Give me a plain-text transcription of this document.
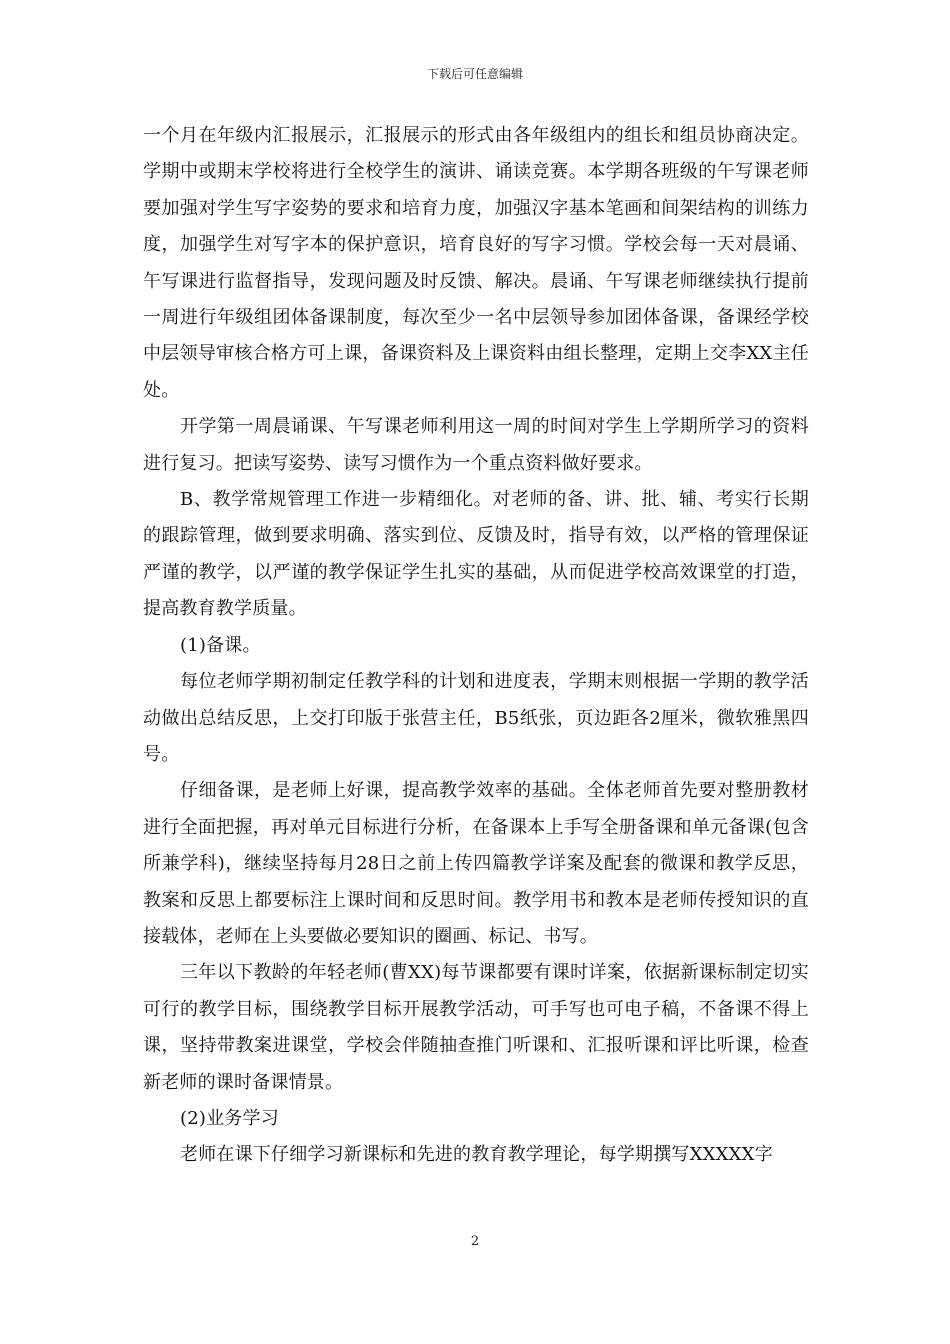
下载后可任意编辑

一个月在年级内汇报展示，汇报展示的形式由各年级组内的组长和组员协商决定。学期中或期末学校将进行全校学生的演讲、诵读竞赛。本学期各班级的午写课老师要加强对学生写字姿势的要求和培育力度，加强汉字基本笔画和间架结构的训练力度，加强学生对写字本的保护意识，培育良好的写字习惯。学校会每一天对晨诵、午写课进行监督指导，发现问题及时反馈、解决。晨诵、午写课老师继续执行提前一周进行年级组团体备课制度，每次至少一名中层领导参加团体备课，备课经学校中层领导审核合格方可上课，备课资料及上课资料由组长整理，定期上交李XX主任处。

开学第一周晨诵课、午写课老师利用这一周的时间对学生上学期所学习的资料进行复习。把读写姿势、读写习惯作为一个重点资料做好要求。

B、教学常规管理工作进一步精细化。对老师的备、讲、批、辅、考实行长期的跟踪管理，做到要求明确、落实到位、反馈及时，指导有效，以严格的管理保证严谨的教学，以严谨的教学保证学生扎实的基础，从而促进学校高效课堂的打造，提高教育教学质量。

(1)备课。

每位老师学期初制定任教学科的计划和进度表，学期末则根据一学期的教学活动做出总结反思，上交打印版于张营主任，B5纸张，页边距各2厘米，微软雅黑四号。

仔细备课，是老师上好课，提高教学效率的基础。全体老师首先要对整册教材进行全面把握，再对单元目标进行分析，在备课本上手写全册备课和单元备课(包含所兼学科)，继续坚持每月28日之前上传四篇教学详案及配套的微课和教学反思，教案和反思上都要标注上课时间和反思时间。教学用书和教本是老师传授知识的直接载体，老师在上头要做必要知识的圈画、标记、书写。

三年以下教龄的年轻老师(曹XX)每节课都要有课时详案，依据新课标制定切实可行的教学目标，围绕教学目标开展教学活动，可手写也可电子稿，不备课不得上课，坚持带教案进课堂，学校会伴随抽查推门听课和、汇报听课和评比听课，检查新老师的课时备课情景。

(2)业务学习

老师在课下仔细学习新课标和先进的教育教学理论，每学期撰写XXXXX字

2
